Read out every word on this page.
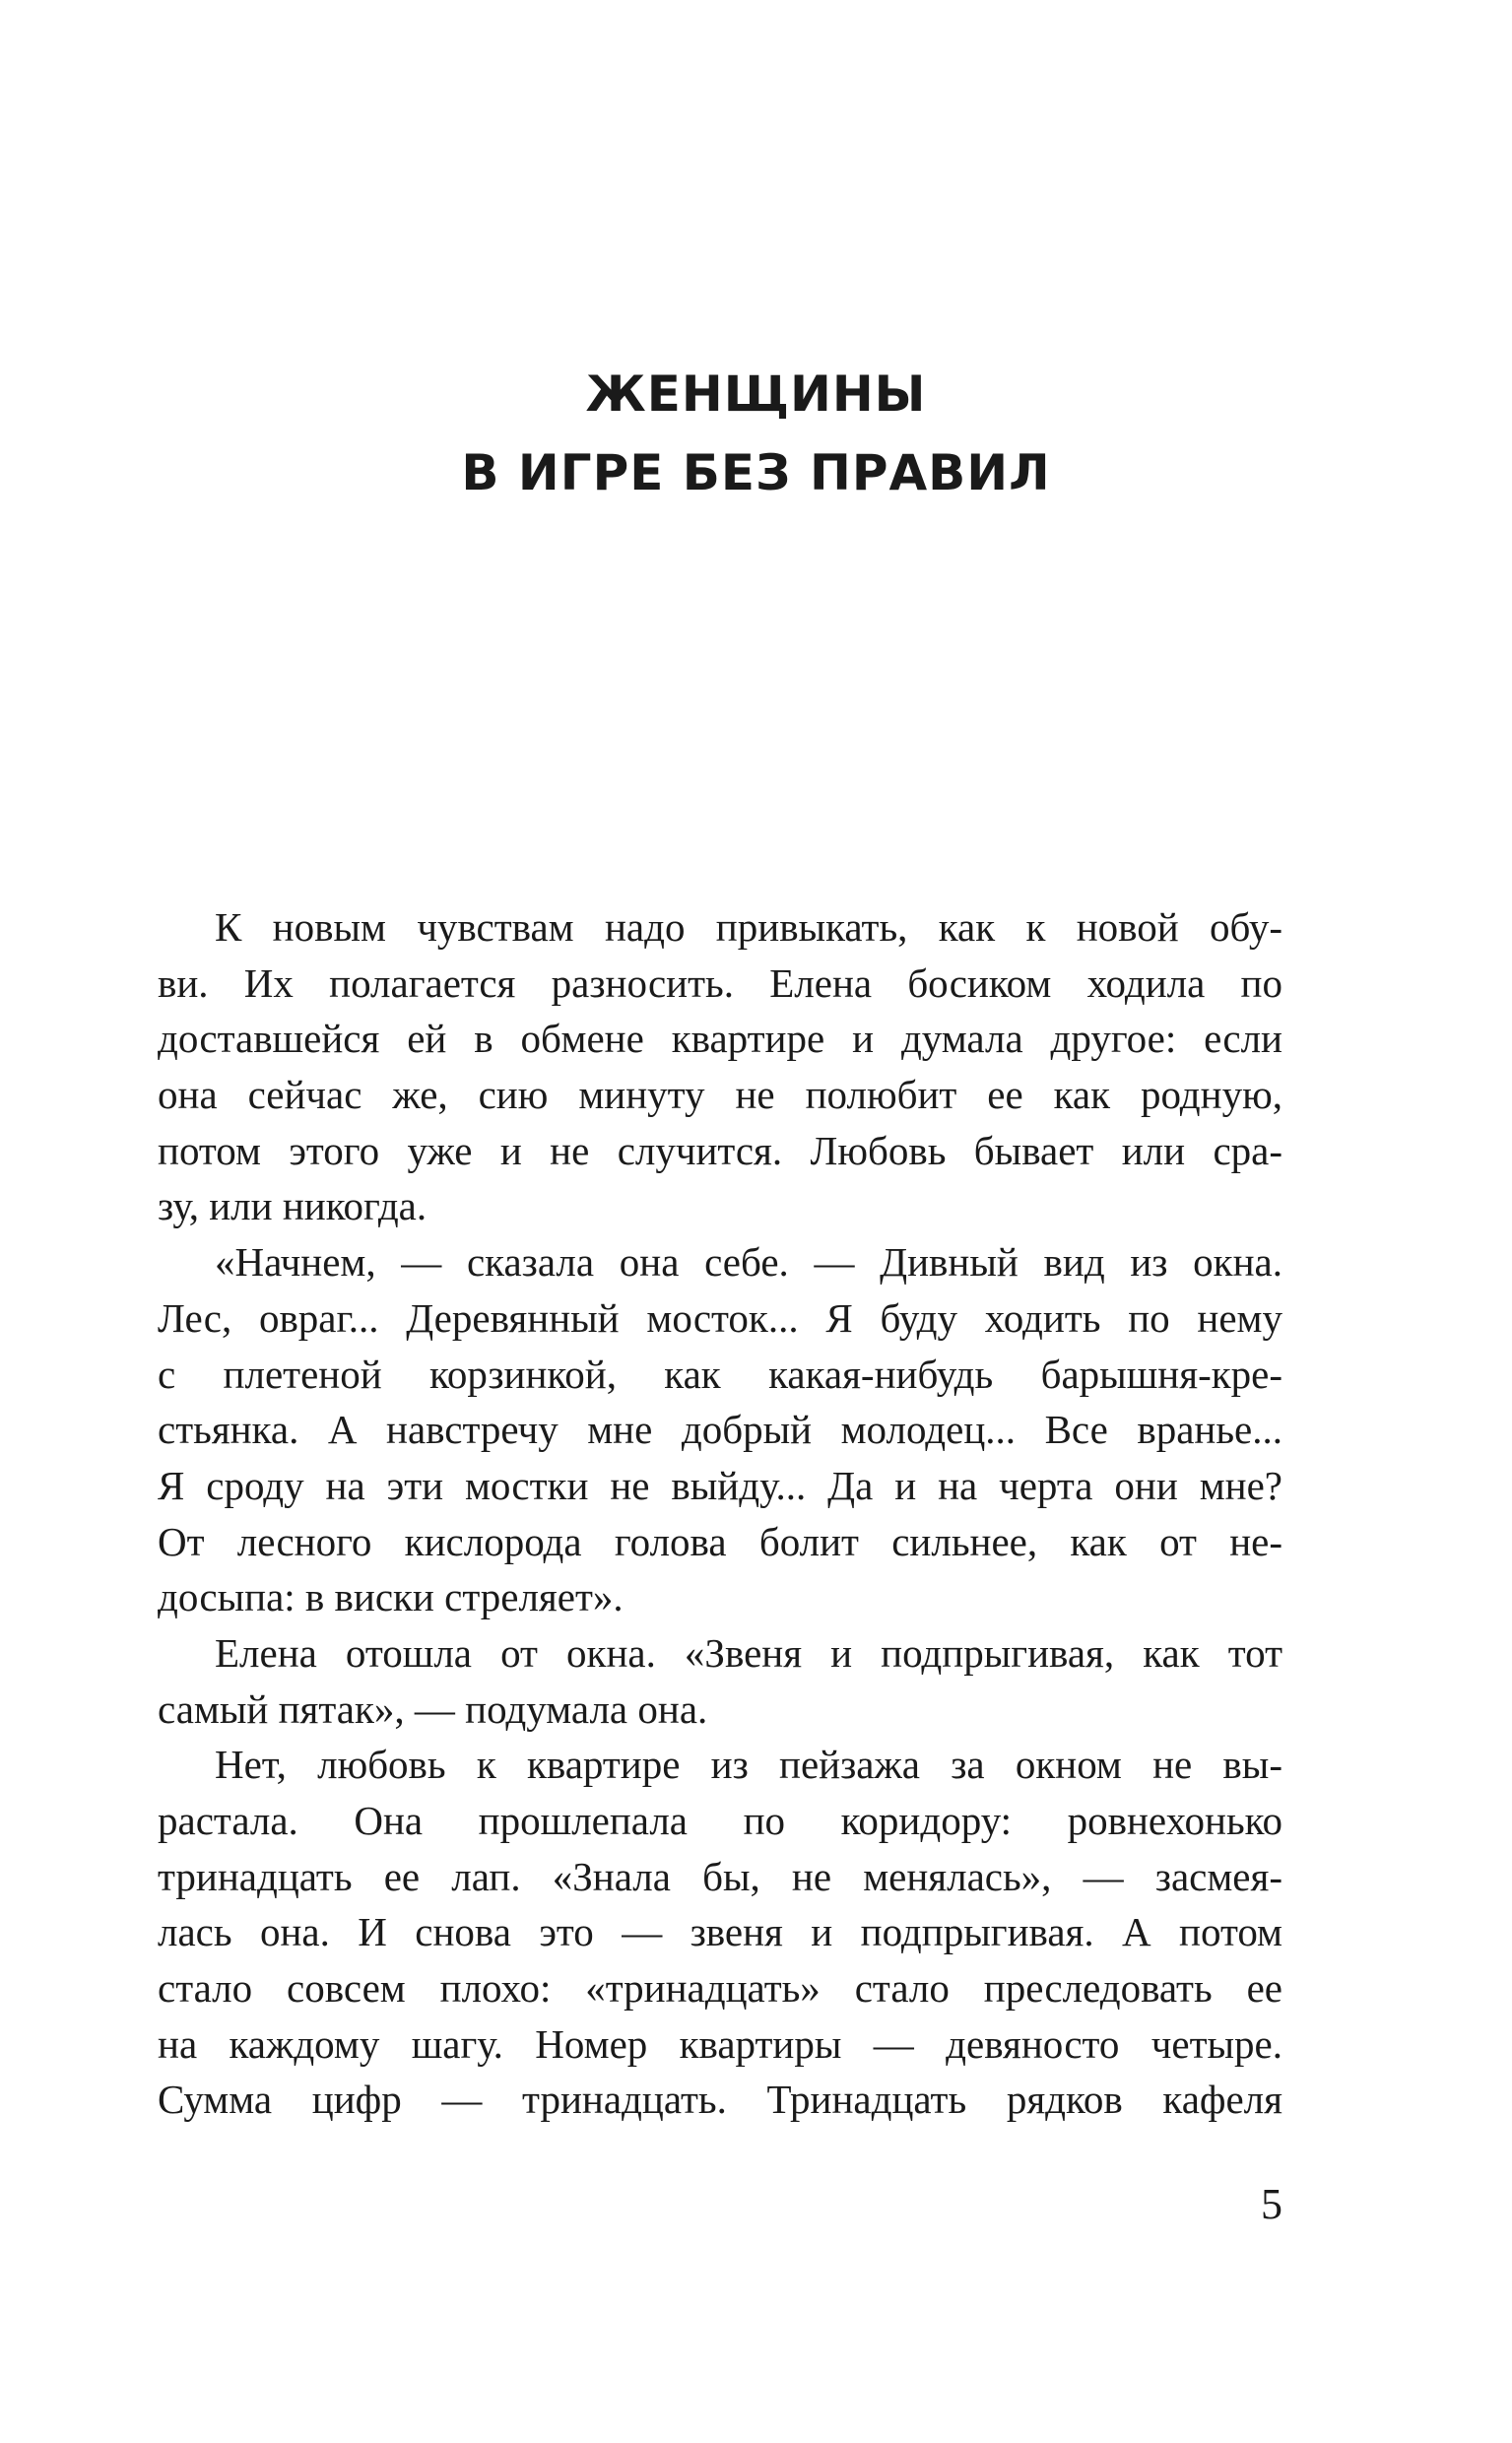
ЖЕНЩИНЫ
В ИГРЕ БЕЗ ПРАВИЛ
К новым чувствам надо привыкать, как к новой обу-
ви. Их полагается разносить. Елена босиком ходила по
доставшейся ей в обмене квартире и думала другое: если
она сейчас же, сию минуту не полюбит ее как родную,
потом этого уже и не случится. Любовь бывает или сра-
зу, или никогда.
«Начнем, — сказала она себе. — Дивный вид из окна.
Лес, овраг... Деревянный мосток... Я буду ходить по нему
с плетеной корзинкой, как какая-нибудь барышня-кре-
стьянка. А навстречу мне добрый молодец... Все вранье...
Я сроду на эти мостки не выйду... Да и на черта они мне?
От лесного кислорода голова болит сильнее, как от не-
досыпа: в виски стреляет».
Елена отошла от окна. «Звеня и подпрыгивая, как тот
самый пятак», — подумала она.
Нет, любовь к квартире из пейзажа за окном не вы-
растала. Она прошлепала по коридору: ровнехонько
тринадцать ее лап. «Знала бы, не менялась», — засмея-
лась она. И снова это — звеня и подпрыгивая. А потом
стало совсем плохо: «тринадцать» стало преследовать ее
на каждому шагу. Номер квартиры — девяносто четыре.
Сумма цифр — тринадцать. Тринадцать рядков кафеля
5
